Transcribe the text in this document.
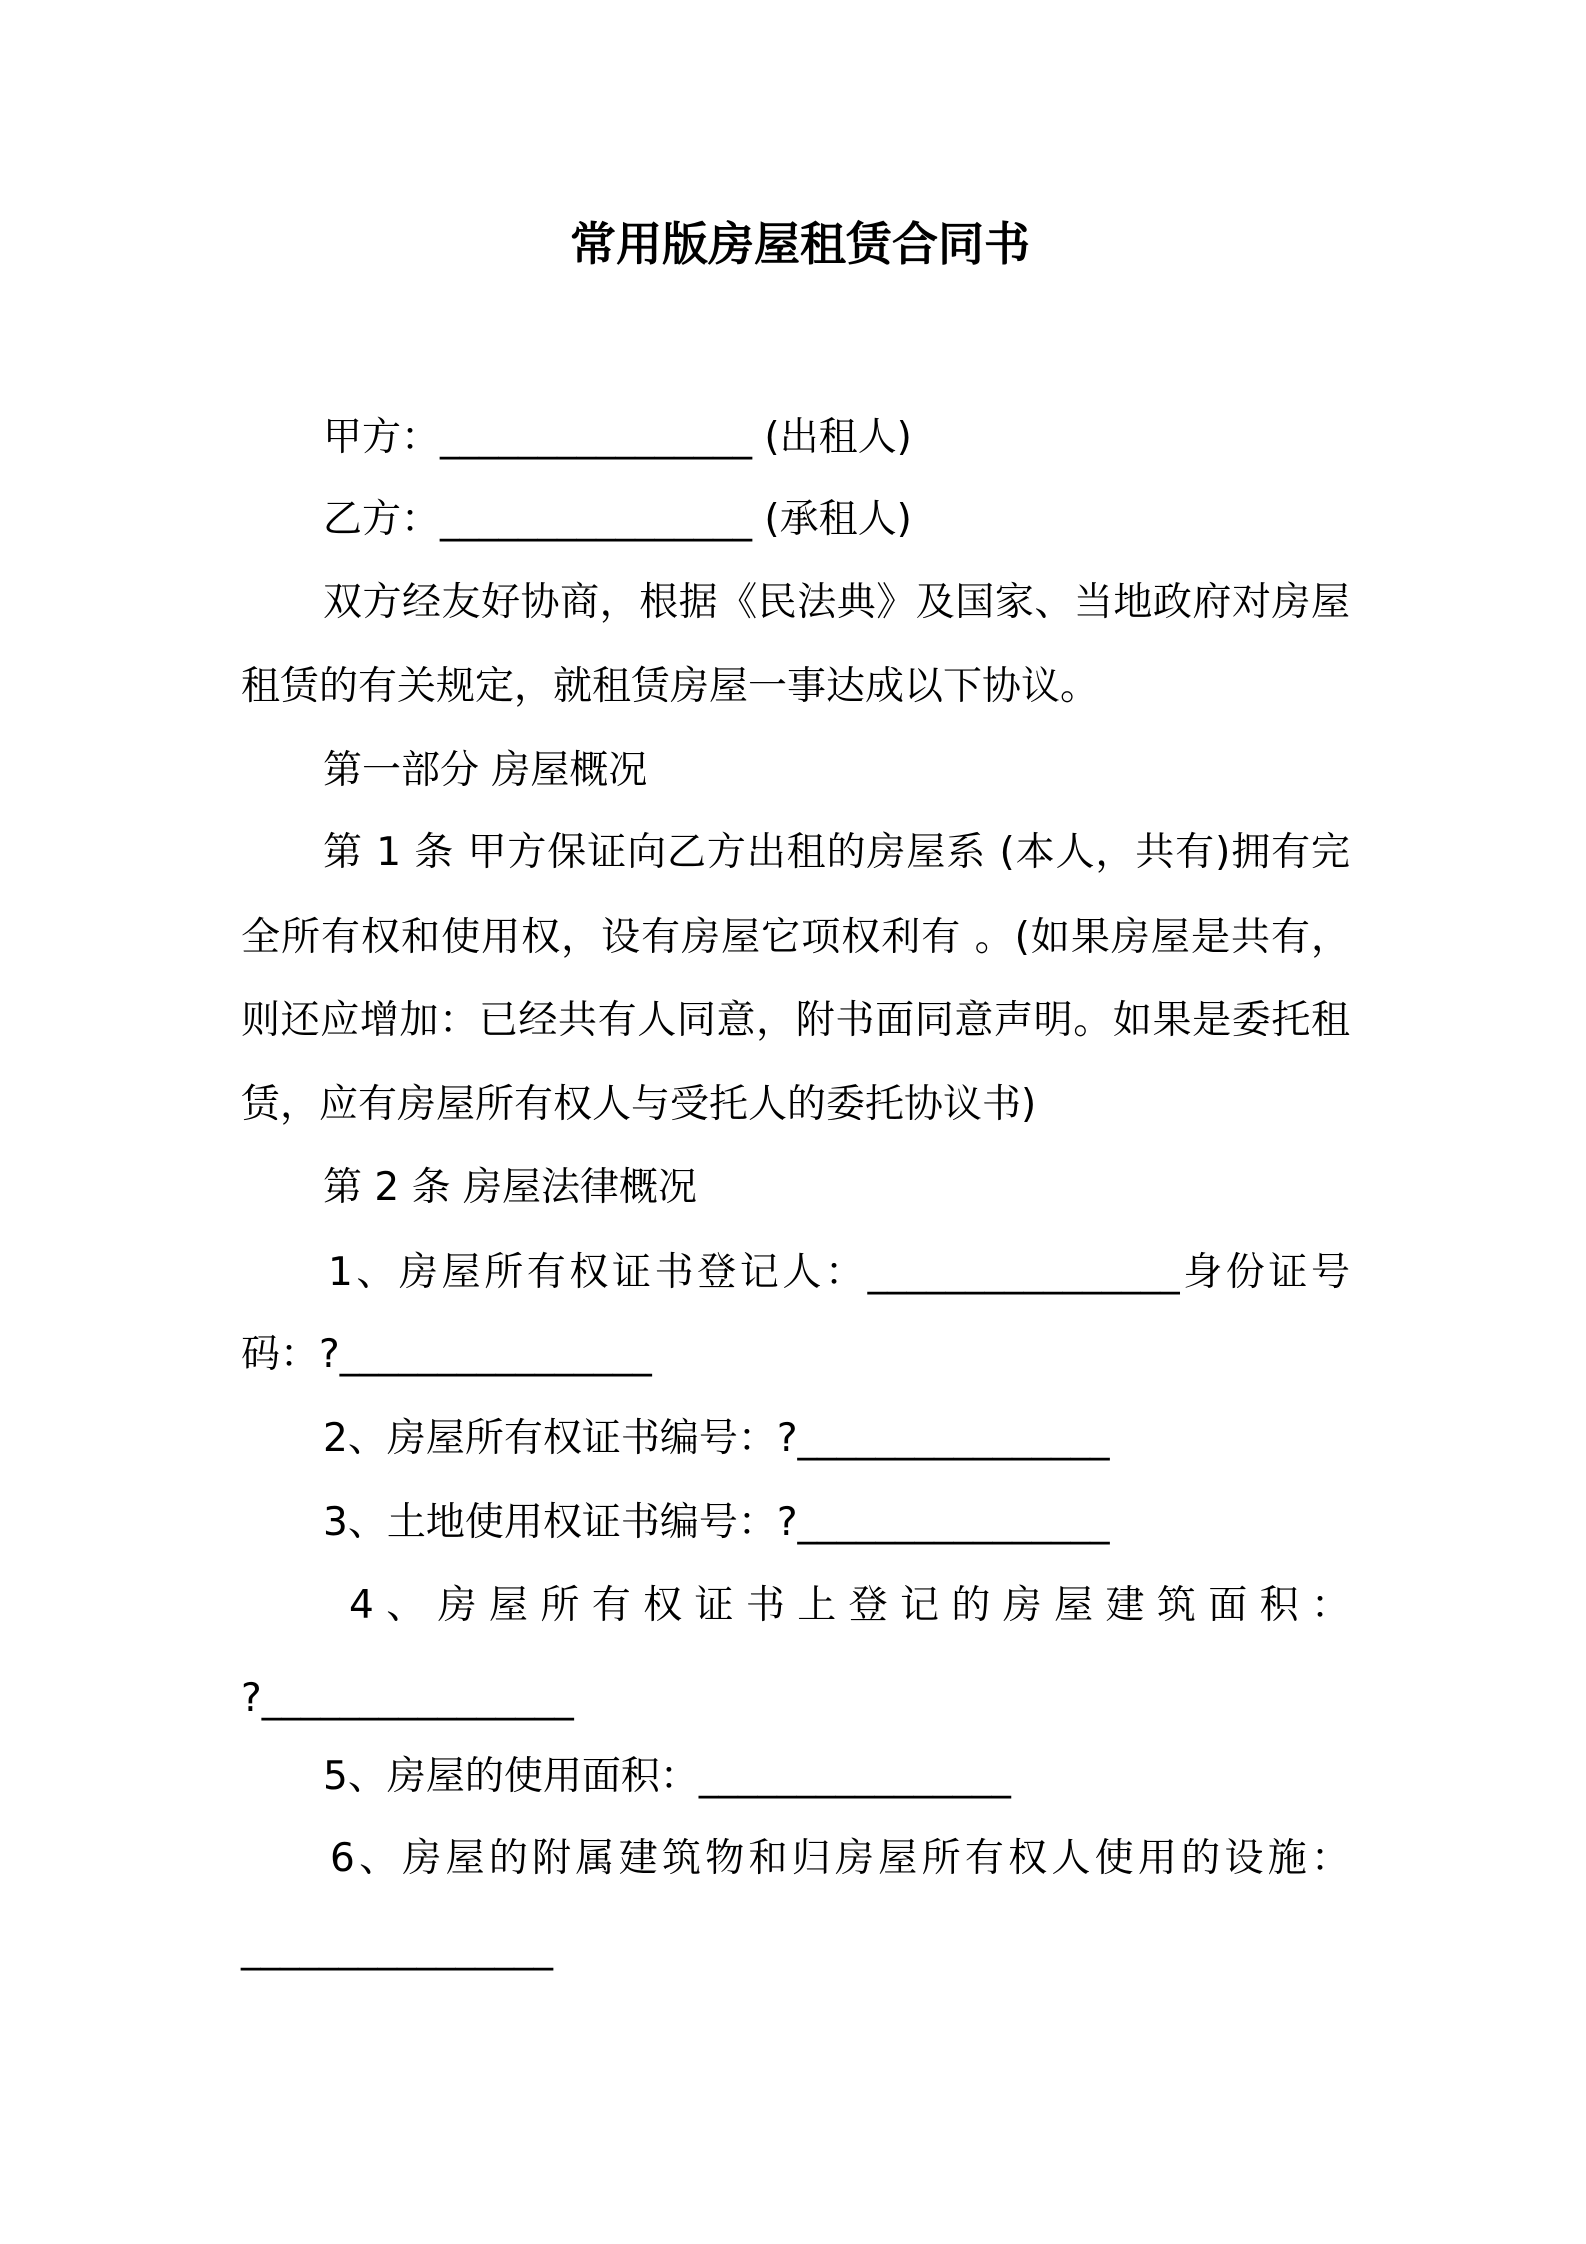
常用版房屋租赁合同书
甲方：________________ (出租人)
乙方：________________ (承租人)
双方经友好协商，根据《民法典》及国家、当地政府对房屋
租赁的有关规定，就租赁房屋一事达成以下协议。
第一部分 房屋概况
第 1 条 甲方保证向乙方出租的房屋系 (本人，共有)拥有完
全所有权和使用权，设有房屋它项权利有 。(如果房屋是共有，
则还应增加：已经共有人同意，附书面同意声明。如果是委托租
赁，应有房屋所有权人与受托人的委托协议书)
第 2 条 房屋法律概况
1、房屋所有权证书登记人：________________身份证号
码：?________________
2、房屋所有权证书编号：?________________
3、土地使用权证书编号：?________________
4、房屋所有权证书上登记的房屋建筑面积：
?________________
5、房屋的使用面积：________________
6、房屋的附属建筑物和归房屋所有权人使用的设施：
________________
